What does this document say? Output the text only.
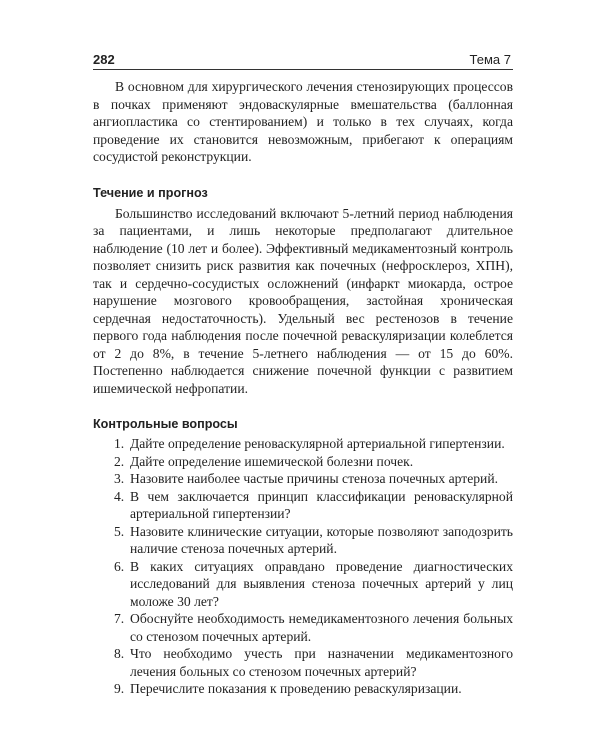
282	Тема 7

В основном для хирургического лечения стенозирующих процессов в почках применяют эндоваскулярные вмешательства (баллонная ангиопластика со стентированием) и только в тех случаях, когда проведение их становится невозможным, прибегают к операциям сосудистой реконструкции.

Течение и прогноз

Большинство исследований включают 5-летний период наблюдения за пациентами, и лишь некоторые предполагают длительное наблюдение (10 лет и более). Эффективный медикаментозный контроль позволяет снизить риск развития как почечных (нефросклероз, ХПН), так и сердечно-сосудистых осложнений (инфаркт миокарда, острое нарушение мозгового кровообращения, застойная хроническая сердечная недостаточность). Удельный вес рестенозов в течение первого года наблюдения после почечной реваскуляризации колеблется от 2 до 8%, в течение 5-летнего наблюдения — от 15 до 60%. Постепенно наблюдается снижение почечной функции с развитием ишемической нефропатии.

Контрольные вопросы
1. Дайте определение реноваскулярной артериальной гипертензии.
2. Дайте определение ишемической болезни почек.
3. Назовите наиболее частые причины стеноза почечных артерий.
4. В чем заключается принцип классификации реноваскулярной артериальной гипертензии?
5. Назовите клинические ситуации, которые позволяют заподозрить наличие стеноза почечных артерий.
6. В каких ситуациях оправдано проведение диагностических исследований для выявления стеноза почечных артерий у лиц моложе 30 лет?
7. Обоснуйте необходимость немедикаментозного лечения больных со стенозом почечных артерий.
8. Что необходимо учесть при назначении медикаментозного лечения больных со стенозом почечных артерий?
9. Перечислите показания к проведению реваскуляризации.
